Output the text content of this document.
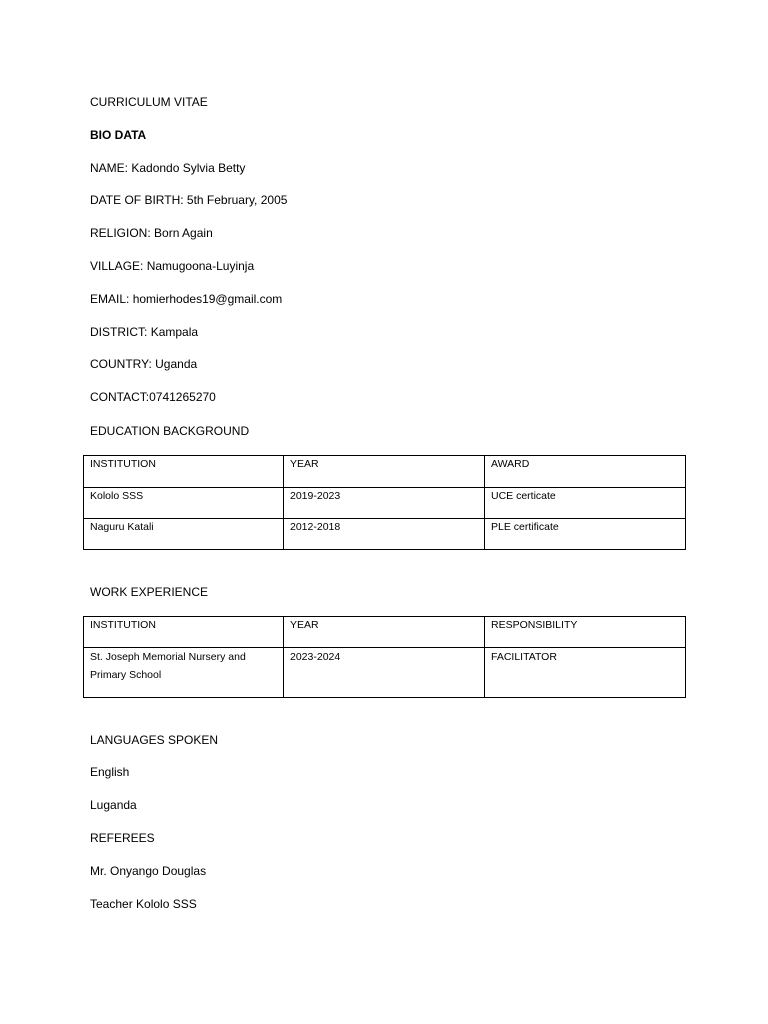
CURRICULUM VITAE
BIO DATA
NAME: Kadondo Sylvia Betty
DATE OF BIRTH: 5th February, 2005
RELIGION: Born Again
VILLAGE: Namugoona-Luyinja
EMAIL: homierhodes19@gmail.com
DISTRICT: Kampala
COUNTRY: Uganda
CONTACT:0741265270
EDUCATION BACKGROUND
INSTITUTION	YEAR	AWARD
Kololo SSS	2019-2023	UCE certicate
Naguru Katali	2012-2018	PLE certificate
WORK EXPERIENCE
INSTITUTION	YEAR	RESPONSIBILITY
St. Joseph Memorial Nursery and Primary School	2023-2024	FACILITATOR
LANGUAGES SPOKEN
English
Luganda
REFEREES
Mr. Onyango Douglas
Teacher Kololo SSS
